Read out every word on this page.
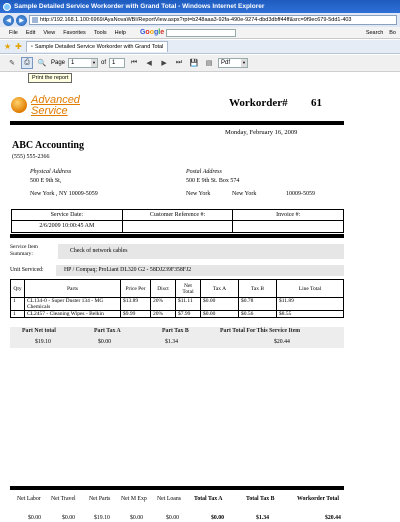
Sample Detailed Service Workorder with Grand Total - Windows Internet Explorer
◀	▶	http://192.168.1.100:6969/AyaNovaWBI/ReportView.aspx?rpt=b248aaa3-92fa-490e-9274-dbd3dbff44ff&src=9f9ec679-5dd1-403
File Edit View Favorites Tools Help Google	Search Bo
★ ✚ ▫ Sample Detailed Service Workorder with Grand Total
✎	⎙	🔍 Page	1	▼ of	1	⏮	◀	▶	⏭	💾	▤	Pdf	▼
Print the report
Advanced
Service
Workorder# 61
Monday, February 16, 2009
ABC Accounting
(555) 555-2366
Physical Address
500 E 9th St,
New York , NY 10009-5059
Postal Address
500 E 9th St. Box 574
New York	New York	10009-5059
Service Date:	Customer Reference #:	Invoice #:
2/6/2009 10:00:45 AM
Service Item Summary:	Check of network cables
Unit Serviced:	HP / Compaq; ProLiant DL320 G2 - 58DJ239F358FJ2
Qty	Parts	Price Per	Disct	Net Total	Tax A	Tax B	Line Total
1	CL134-0 - Super Duster 134 - MG Chemicals	$13.89	20%	$11.11	$0.00	$0.78	$11.89
1	CL2457 - Cleaning Wipes - Belkin	$9.99	20%	$7.99	$0.00	$0.56	$8.55
Part Net total	Part Tax A	Part Tax B	Part Total For This Service Item
$19.10	$0.00	$1.34	$20.44
Net Labor Net Travel Net Parts Net M Exp Net Loans Total Tax A	Total Tax B	Workorder Total
$0.00	$0.00	$19.10	$0.00	$0.00	$0.00	$1.34	$20.44
